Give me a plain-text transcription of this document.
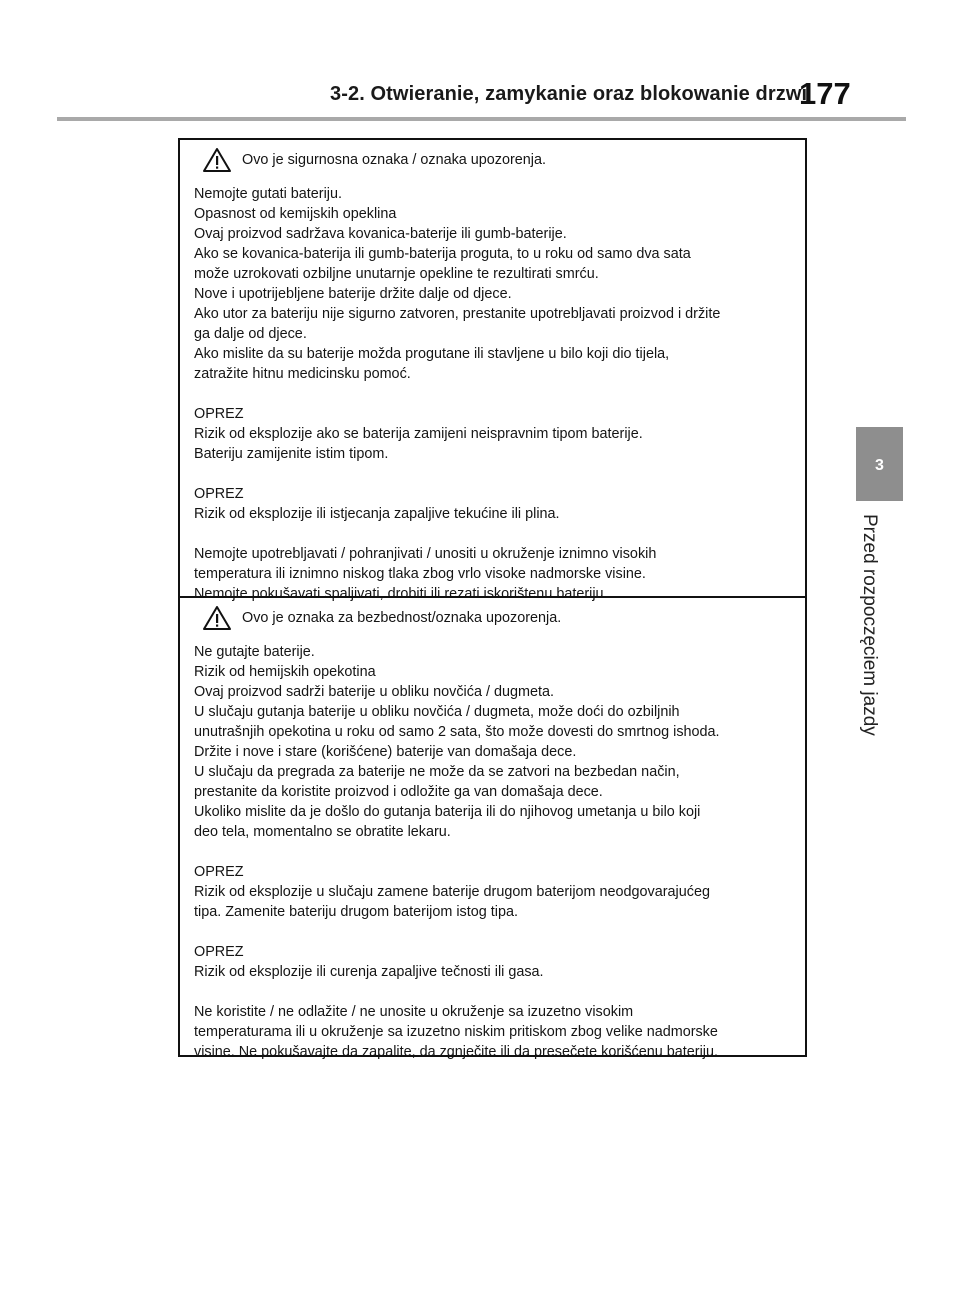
3-2. Otwieranie, zamykanie oraz blokowanie drzwi
177
3
Przed rozpoczęciem jazdy
Ovo je sigurnosna oznaka / oznaka upozorenja.
Nemojte gutati bateriju.
Opasnost od kemijskih opeklina
Ovaj proizvod sadržava kovanica-baterije ili gumb-baterije.
Ako se kovanica-baterija ili gumb-baterija proguta, to u roku od samo dva sata
može uzrokovati ozbiljne unutarnje opekline te rezultirati smrću.
Nove i upotrijebljene baterije držite dalje od djece.
Ako utor za bateriju nije sigurno zatvoren, prestanite upotrebljavati proizvod i držite
ga dalje od djece.
Ako mislite da su baterije možda progutane ili stavljene u bilo koji dio tijela,
zatražite hitnu medicinsku pomoć.
OPREZ
Rizik od eksplozije ako se baterija zamijeni neispravnim tipom baterije.
Bateriju zamijenite istim tipom.
OPREZ
Rizik od eksplozije ili istjecanja zapaljive tekućine ili plina.
Nemojte upotrebljavati / pohranjivati / unositi u okruženje iznimno visokih
temperatura ili iznimno niskog tlaka zbog vrlo visoke nadmorske visine.
Nemojte pokušavati spaljivati, drobiti ili rezati iskorištenu bateriju.
Ovo je oznaka za bezbednost/oznaka upozorenja.
Ne gutajte baterije.
Rizik od hemijskih opekotina
Ovaj proizvod sadrži baterije u obliku novčića / dugmeta.
U slučaju gutanja baterije u obliku novčića / dugmeta, može doći do ozbiljnih
unutrašnjih opekotina u roku od samo 2 sata, što može dovesti do smrtnog ishoda.
Držite i nove i stare (korišćene) baterije van domašaja dece.
U slučaju da pregrada za baterije ne može da se zatvori na bezbedan način,
prestanite da koristite proizvod i odložite ga van domašaja dece.
Ukoliko mislite da je došlo do gutanja baterija ili do njihovog umetanja u bilo koji
deo tela, momentalno se obratite lekaru.
OPREZ
Rizik od eksplozije u slučaju zamene baterije drugom baterijom neodgovarajućeg
tipa. Zamenite bateriju drugom baterijom istog tipa.
OPREZ
Rizik od eksplozije ili curenja zapaljive tečnosti ili gasa.
Ne koristite / ne odlažite / ne unosite u okruženje sa izuzetno visokim
temperaturama ili u okruženje sa izuzetno niskim pritiskom zbog velike nadmorske
visine. Ne pokušavajte da zapalite, da zgnječite ili da presečete korišćenu bateriju.
